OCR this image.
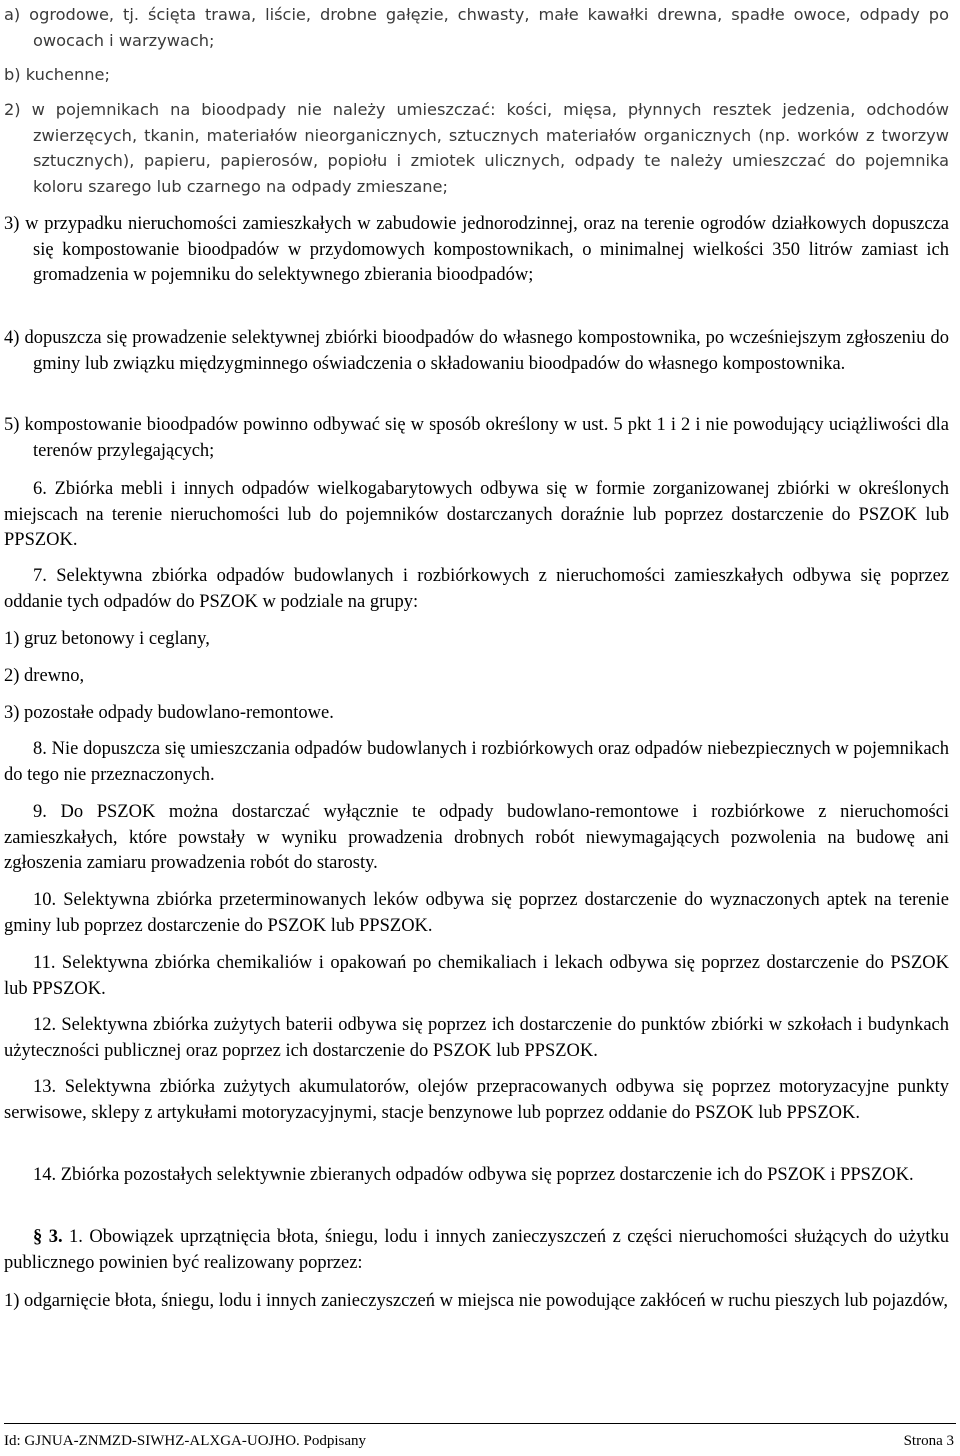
a) ogrodowe, tj. ścięta trawa, liście, drobne gałęzie, chwasty, małe kawałki drewna, spadłe owoce, odpady po owocach i warzywach;

b) kuchenne;

2) w pojemnikach na bioodpady nie należy umieszczać: kości, mięsa, płynnych resztek jedzenia, odchodów zwierzęcych, tkanin, materiałów nieorganicznych, sztucznych materiałów organicznych (np. worków z tworzyw sztucznych), papieru, papierosów, popiołu i zmiotek ulicznych, odpady te należy umieszczać do pojemnika koloru szarego lub czarnego na odpady zmieszane;

3) w przypadku nieruchomości zamieszkałych w zabudowie jednorodzinnej, oraz na terenie ogrodów działkowych dopuszcza się kompostowanie bioodpadów w przydomowych kompostownikach, o minimalnej wielkości 350 litrów zamiast ich gromadzenia w pojemniku do selektywnego zbierania bioodpadów;

4) dopuszcza się prowadzenie selektywnej zbiórki bioodpadów do własnego kompostownika, po wcześniejszym zgłoszeniu do gminy lub związku międzygminnego oświadczenia o składowaniu bioodpadów do własnego kompostownika.

5) kompostowanie bioodpadów powinno odbywać się w sposób określony w ust. 5 pkt 1 i 2 i nie powodujący uciążliwości dla terenów przylegających;

6. Zbiórka mebli i innych odpadów wielkogabarytowych odbywa się w formie zorganizowanej zbiórki w określonych miejscach na terenie nieruchomości lub do pojemników dostarczanych doraźnie lub poprzez dostarczenie do PSZOK lub PPSZOK.

7. Selektywna zbiórka odpadów budowlanych i rozbiórkowych z nieruchomości zamieszkałych odbywa się poprzez oddanie tych odpadów do PSZOK w podziale na grupy:

1) gruz betonowy i ceglany,

2) drewno,

3) pozostałe odpady budowlano-remontowe.

8. Nie dopuszcza się umieszczania odpadów budowlanych i rozbiórkowych oraz odpadów niebezpiecznych w pojemnikach do tego nie przeznaczonych.

9. Do PSZOK można dostarczać wyłącznie te odpady budowlano-remontowe i rozbiórkowe z nieruchomości zamieszkałych, które powstały w wyniku prowadzenia drobnych robót niewymagających pozwolenia na budowę ani zgłoszenia zamiaru prowadzenia robót do starosty.

10. Selektywna zbiórka przeterminowanych leków odbywa się poprzez dostarczenie do wyznaczonych aptek na terenie gminy lub poprzez dostarczenie do PSZOK lub PPSZOK.

11. Selektywna zbiórka chemikaliów i opakowań po chemikaliach i lekach odbywa się poprzez dostarczenie do PSZOK lub PPSZOK.

12. Selektywna zbiórka zużytych baterii odbywa się poprzez ich dostarczenie do punktów zbiórki w szkołach i budynkach użyteczności publicznej oraz poprzez ich dostarczenie do PSZOK lub PPSZOK.

13. Selektywna zbiórka zużytych akumulatorów, olejów przepracowanych odbywa się poprzez motoryzacyjne punkty serwisowe, sklepy z artykułami motoryzacyjnymi, stacje benzynowe lub poprzez oddanie do PSZOK lub PPSZOK.

14. Zbiórka pozostałych selektywnie zbieranych odpadów odbywa się poprzez dostarczenie ich do PSZOK i PPSZOK.

§ 3. 1. Obowiązek uprzątnięcia błota, śniegu, lodu i innych zanieczyszczeń z części nieruchomości służących do użytku publicznego powinien być realizowany poprzez:

1) odgarnięcie błota, śniegu, lodu i innych zanieczyszczeń w miejsca nie powodujące zakłóceń w ruchu pieszych lub pojazdów,

Id: GJNUA-ZNMZD-SIWHZ-ALXGA-UOJHO. Podpisany	Strona 3
